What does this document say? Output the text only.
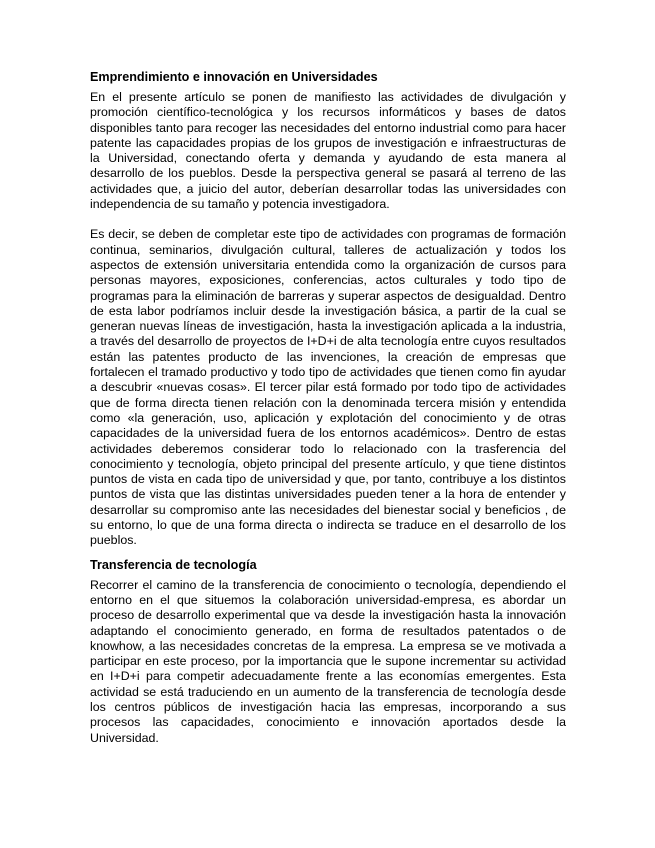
Emprendimiento e innovación en Universidades

En el presente artículo se ponen de manifiesto las actividades de divulgación y promoción científico-tecnológica y los recursos informáticos y bases de datos disponibles tanto para recoger las necesidades del entorno industrial como para hacer patente las capacidades propias de los grupos de investigación e infraestructuras de la Universidad, conectando oferta y demanda y ayudando de esta manera al desarrollo de los pueblos. Desde la perspectiva general se pasará al terreno de las actividades que, a juicio del autor, deberían desarrollar todas las universidades con independencia de su tamaño y potencia investigadora.

Es decir, se deben de completar este tipo de actividades con programas de formación continua, seminarios, divulgación cultural, talleres de actualización y todos los aspectos de extensión universitaria entendida como la organización de cursos para personas mayores, exposiciones, conferencias, actos culturales y todo tipo de programas para la eliminación de barreras y superar aspectos de desigualdad. Dentro de esta labor podríamos incluir desde la investigación básica, a partir de la cual se generan nuevas líneas de investigación, hasta la investigación aplicada a la industria, a través del desarrollo de proyectos de I+D+i de alta tecnología entre cuyos resultados están las patentes producto de las invenciones, la creación de empresas que fortalecen el tramado productivo y todo tipo de actividades que tienen como fin ayudar a descubrir «nuevas cosas». El tercer pilar está formado por todo tipo de actividades que de forma directa tienen relación con la denominada tercera misión y entendida como «la generación, uso, aplicación y explotación del conocimiento y de otras capacidades de la universidad fuera de los entornos académicos». Dentro de estas actividades deberemos considerar todo lo relacionado con la trasferencia del conocimiento y tecnología, objeto principal del presente artículo, y que tiene distintos puntos de vista en cada tipo de universidad y que, por tanto, contribuye a los distintos puntos de vista que las distintas universidades pueden tener a la hora de entender y desarrollar su compromiso ante las necesidades del bienestar social y beneficios , de su entorno, lo que de una forma directa o indirecta se traduce en el desarrollo de los pueblos.

Transferencia de tecnología

Recorrer el camino de la transferencia de conocimiento o tecnología, dependiendo el entorno en el que situemos la colaboración universidad-empresa, es abordar un proceso de desarrollo experimental que va desde la investigación hasta la innovación adaptando el conocimiento generado, en forma de resultados patentados o de knowhow, a las necesidades concretas de la empresa. La empresa se ve motivada a participar en este proceso, por la importancia que le supone incrementar su actividad en I+D+i para competir adecuadamente frente a las economías emergentes. Esta actividad se está traduciendo en un aumento de la transferencia de tecnología desde los centros públicos de investigación hacia las empresas, incorporando a sus procesos las capacidades, conocimiento e innovación aportados desde la Universidad.
